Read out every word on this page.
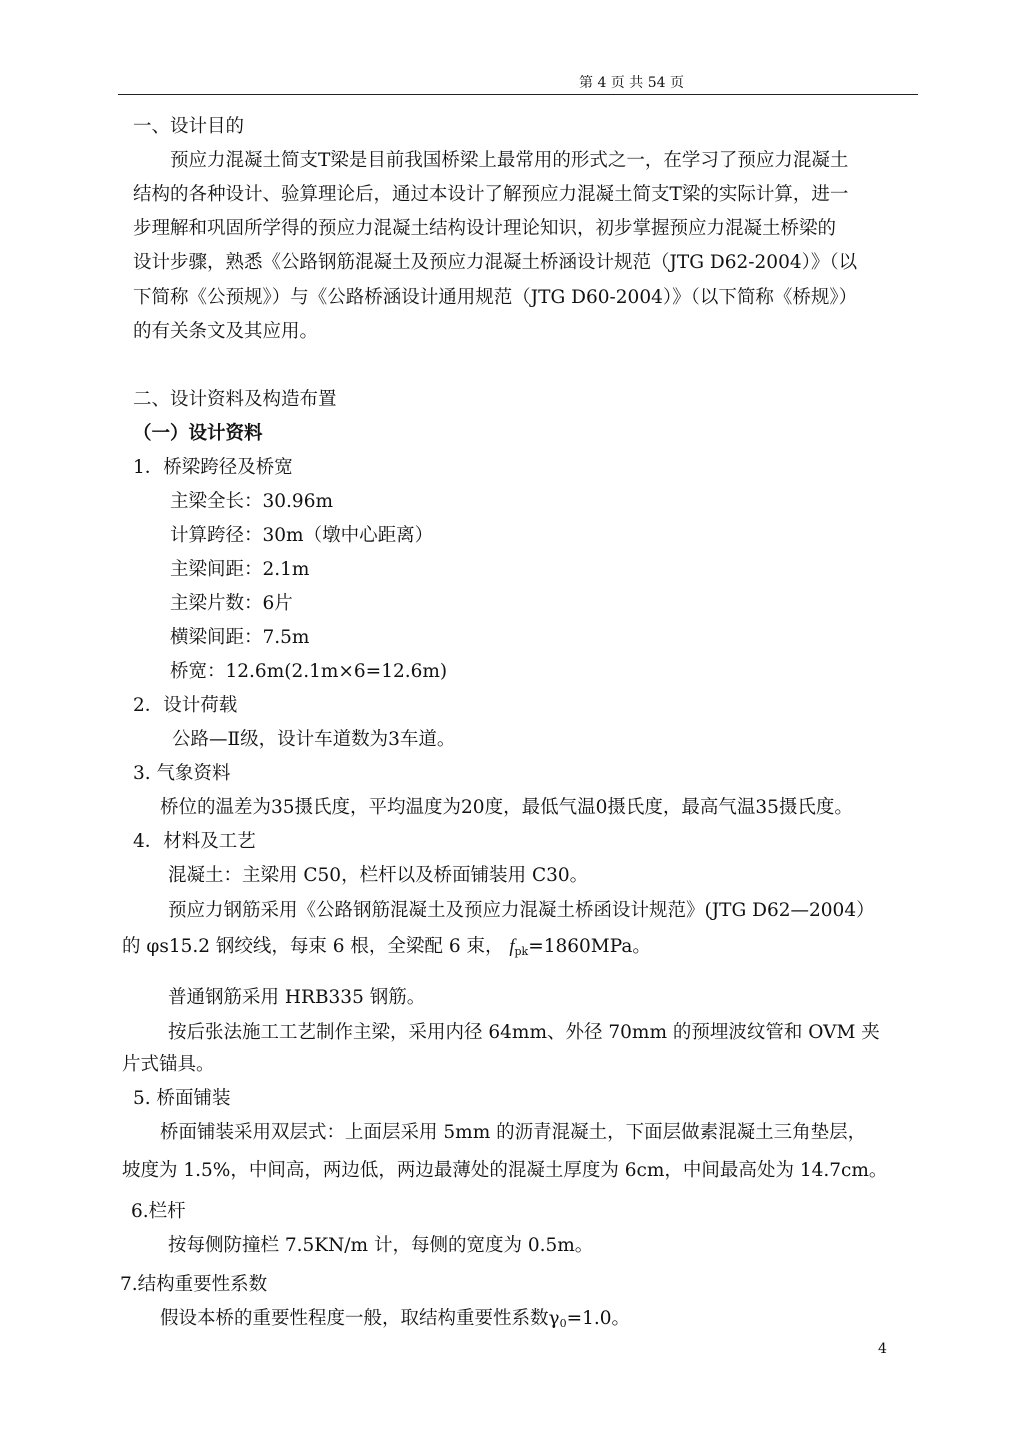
第 4 页 共 54 页
一、设计目的
预应力混凝土简支T梁是目前我国桥梁上最常用的形式之一，在学习了预应力混凝土
结构的各种设计、验算理论后，通过本设计了解预应力混凝土简支T梁的实际计算，进一
步理解和巩固所学得的预应力混凝土结构设计理论知识，初步掌握预应力混凝土桥梁的
设计步骤，熟悉《公路钢筋混凝土及预应力混凝土桥涵设计规范（JTG D62-2004）》（以
下简称《公预规》）与《公路桥涵设计通用规范（JTG D60-2004）》（以下简称《桥规》）
的有关条文及其应用。
二、设计资料及构造布置
（一）设计资料
1．桥梁跨径及桥宽
主梁全长：30.96m
计算跨径：30m（墩中心距离）
主梁间距：2.1m
主梁片数：6片
横梁间距：7.5m
桥宽：12.6m(2.1m×6=12.6m)
2．设计荷载
公路—Ⅱ级，设计车道数为3车道。
3. 气象资料
桥位的温差为35摄氏度，平均温度为20度，最低气温0摄氏度，最高气温35摄氏度。
4．材料及工艺
混凝土：主梁用 C50，栏杆以及桥面铺装用 C30。
预应力钢筋采用《公路钢筋混凝土及预应力混凝土桥函设计规范》(JTG D62—2004）
的 φs15.2 钢绞线，每束 6 根，全梁配 6 束， $f_{pk}=1860MPa$。
普通钢筋采用 HRB335 钢筋。
按后张法施工工艺制作主梁，采用内径 64mm、外径 70mm 的预埋波纹管和 OVM 夹
片式锚具。
5. 桥面铺装
桥面铺装采用双层式：上面层采用 5mm 的沥青混凝土，下面层做素混凝土三角垫层，
坡度为 1.5%，中间高，两边低，两边最薄处的混凝土厚度为 6cm，中间最高处为 14.7cm。
6.栏杆
按每侧防撞栏 7.5KN/m 计，每侧的宽度为 0.5m。
7.结构重要性系数
假设本桥的重要性程度一般，取结构重要性系数$\gamma_0=1.0$。
4
